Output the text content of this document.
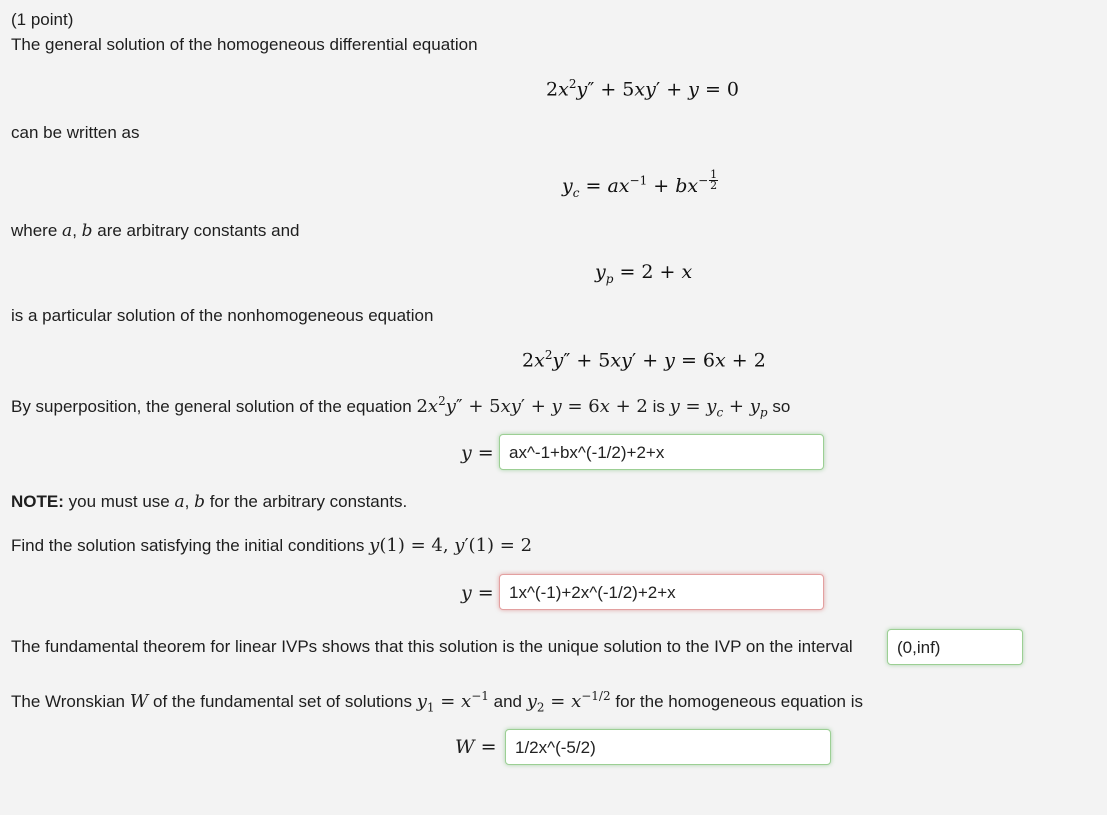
(1 point)
The general solution of the homogeneous differential equation
$2x^2y'' + 5xy' + y = 0$
can be written as
$y_c = ax^{-1} + bx^- \frac{1}{2}$
where a, b are arbitrary constants and
$y_p = 2 + x$
is a particular solution of the nonhomogeneous equation
$2x^2y'' + 5xy' + y = 6x + 2$
By superposition, the general solution of the equation $2x^2y'' + 5xy' + y = 6x + 2$ is $y = y_c + y_p$ so
y = ax^-1+bx^(-1/2)+2+x
NOTE: you must use a, b for the arbitrary constants.
Find the solution satisfying the initial conditions y(1) = 4, y′(1) = 2
y = 1x^(-1)+2x^(-1/2)+2+x
The fundamental theorem for linear IVPs shows that this solution is the unique solution to the IVP on the interval	(0,inf)
The Wronskian W of the fundamental set of solutions $y_1 = x^{-1}$ and $y_2 = x^{-1/2}$ for the homogeneous equation is
W =	1/2x^(-5/2)
